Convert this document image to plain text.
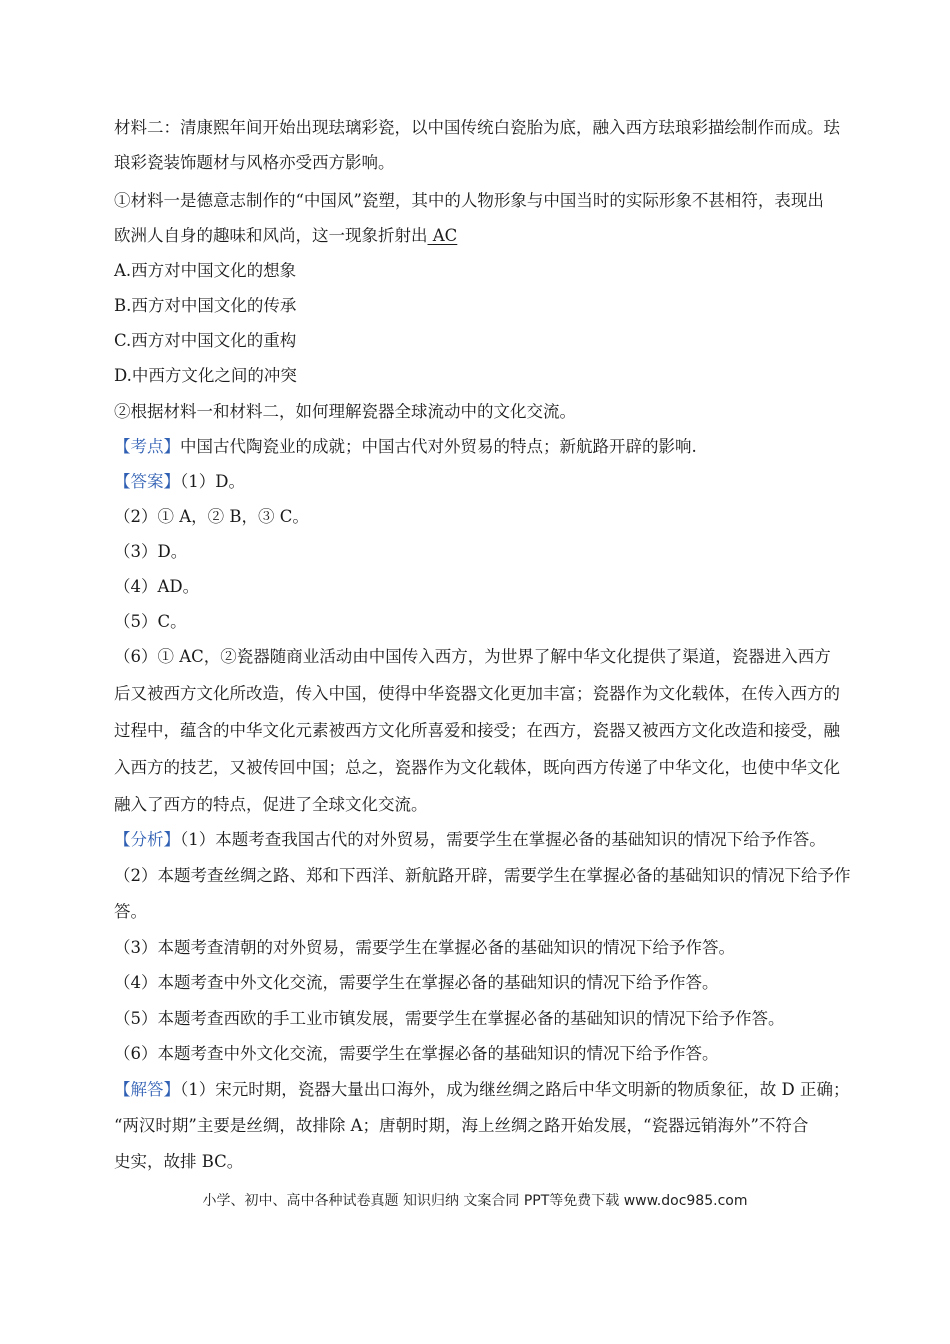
材料二：清康熙年间开始出现珐璃彩瓷，以中国传统白瓷胎为底，融入西方珐琅彩描绘制作而成。珐
琅彩瓷装饰题材与风格亦受西方影响。
①材料一是德意志制作的“中国风”瓷塑，其中的人物形象与中国当时的实际形象不甚相符，表现出
欧洲人自身的趣味和风尚，这一现象折射出 AC
A.西方对中国文化的想象
B.西方对中国文化的传承
C.西方对中国文化的重构
D.中西方文化之间的冲突
②根据材料一和材料二，如何理解瓷器全球流动中的文化交流。
【考点】中国古代陶瓷业的成就；中国古代对外贸易的特点；新航路开辟的影响.
【答案】（1）D。
（2）① A，② B，③ C。
（3）D。
（4）AD。
（5）C。
（6）① AC，②瓷器随商业活动由中国传入西方，为世界了解中华文化提供了渠道，瓷器进入西方
后又被西方文化所改造，传入中国，使得中华瓷器文化更加丰富；瓷器作为文化载体，在传入西方的
过程中，蕴含的中华文化元素被西方文化所喜爱和接受；在西方，瓷器又被西方文化改造和接受，融
入西方的技艺，又被传回中国；总之，瓷器作为文化载体，既向西方传递了中华文化，也使中华文化
融入了西方的特点，促进了全球文化交流。
【分析】（1）本题考查我国古代的对外贸易，需要学生在掌握必备的基础知识的情况下给予作答。
（2）本题考查丝绸之路、郑和下西洋、新航路开辟，需要学生在掌握必备的基础知识的情况下给予作
答。
（3）本题考查清朝的对外贸易，需要学生在掌握必备的基础知识的情况下给予作答。
（4）本题考查中外文化交流，需要学生在掌握必备的基础知识的情况下给予作答。
（5）本题考查西欧的手工业市镇发展，需要学生在掌握必备的基础知识的情况下给予作答。
（6）本题考查中外文化交流，需要学生在掌握必备的基础知识的情况下给予作答。
【解答】（1）宋元时期，瓷器大量出口海外，成为继丝绸之路后中华文明新的物质象征，故 D 正确；
“两汉时期”主要是丝绸，故排除 A；唐朝时期，海上丝绸之路开始发展，“瓷器远销海外”不符合
史实，故排 BC。
小学、初中、高中各种试卷真题 知识归纳 文案合同 PPT等免费下载 www.doc985.com
